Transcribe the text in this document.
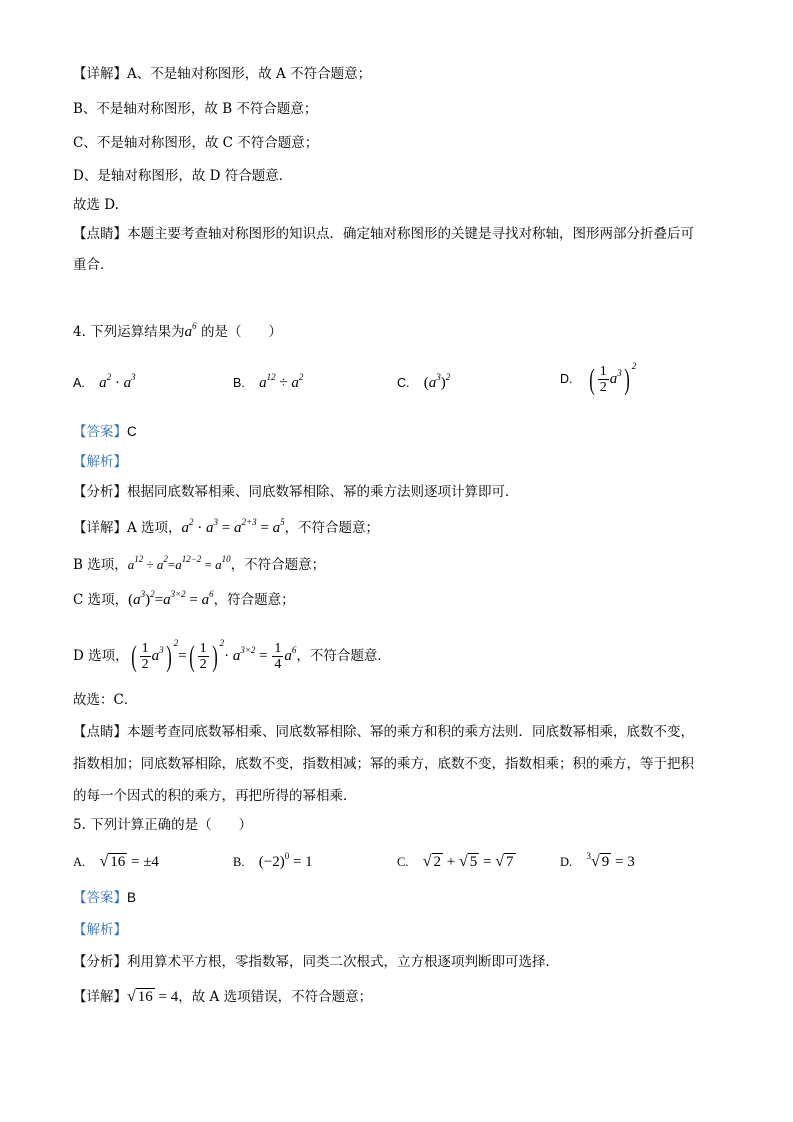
【详解】A、不是轴对称图形，故 A 不符合题意；
B、不是轴对称图形，故 B 不符合题意；
C、不是轴对称图形，故 C 不符合题意；
D、是轴对称图形，故 D 符合题意．
故选 D.
【点睛】本题主要考查轴对称图形的知识点．确定轴对称图形的关键是寻找对称轴，图形两部分折叠后可
重合．
4. 下列运算结果为$a^6$ 的是（　　）
A. $a^2 \cdot a^3$	B. $a^{12} \div a^2$	C. $(a^3)^2$	D. ( $\frac{1}{2} a^3$) $^2$
【答案】C
【解析】
【分析】根据同底数幂相乘、同底数幂相除、幂的乘方法则逐项计算即可．
【详解】A 选项，$a^2 \cdot a^3 = a^{2+3} = a^5$，不符合题意；
B 选项，$a^{12} \div a^2=a^{12-2} = a^{10}$，不符合题意；
C 选项，$(a^3)^2=a^{3\times 2} = a^6$，符合题意；
D 选项，( $\frac{1}{2} a^3$) $^2=( \frac{1}{2}$ ) $^2\cdot a^{3\times 2} = \frac{1}{4} a^6$，不符合题意．
故选：C．
【点睛】本题考查同底数幂相乘、同底数幂相除、幂的乘方和积的乘方法则．同底数幂相乘，底数不变，
指数相加；同底数幂相除，底数不变，指数相减；幂的乘方，底数不变，指数相乘；积的乘方，等于把积
的每一个因式的积的乘方，再把所得的幂相乘．
5. 下列计算正确的是（　　）
A. √ 16 = ±4	B. $(-2)^0 = 1$	C. √ 2 + √ 5 = √ 7	D. $^3$√ 9 = 3
【答案】B
【解析】
【分析】利用算术平方根，零指数幂，同类二次根式，立方根逐项判断即可选择．
【详解】√ 16 = 4，故 A 选项错误，不符合题意；
